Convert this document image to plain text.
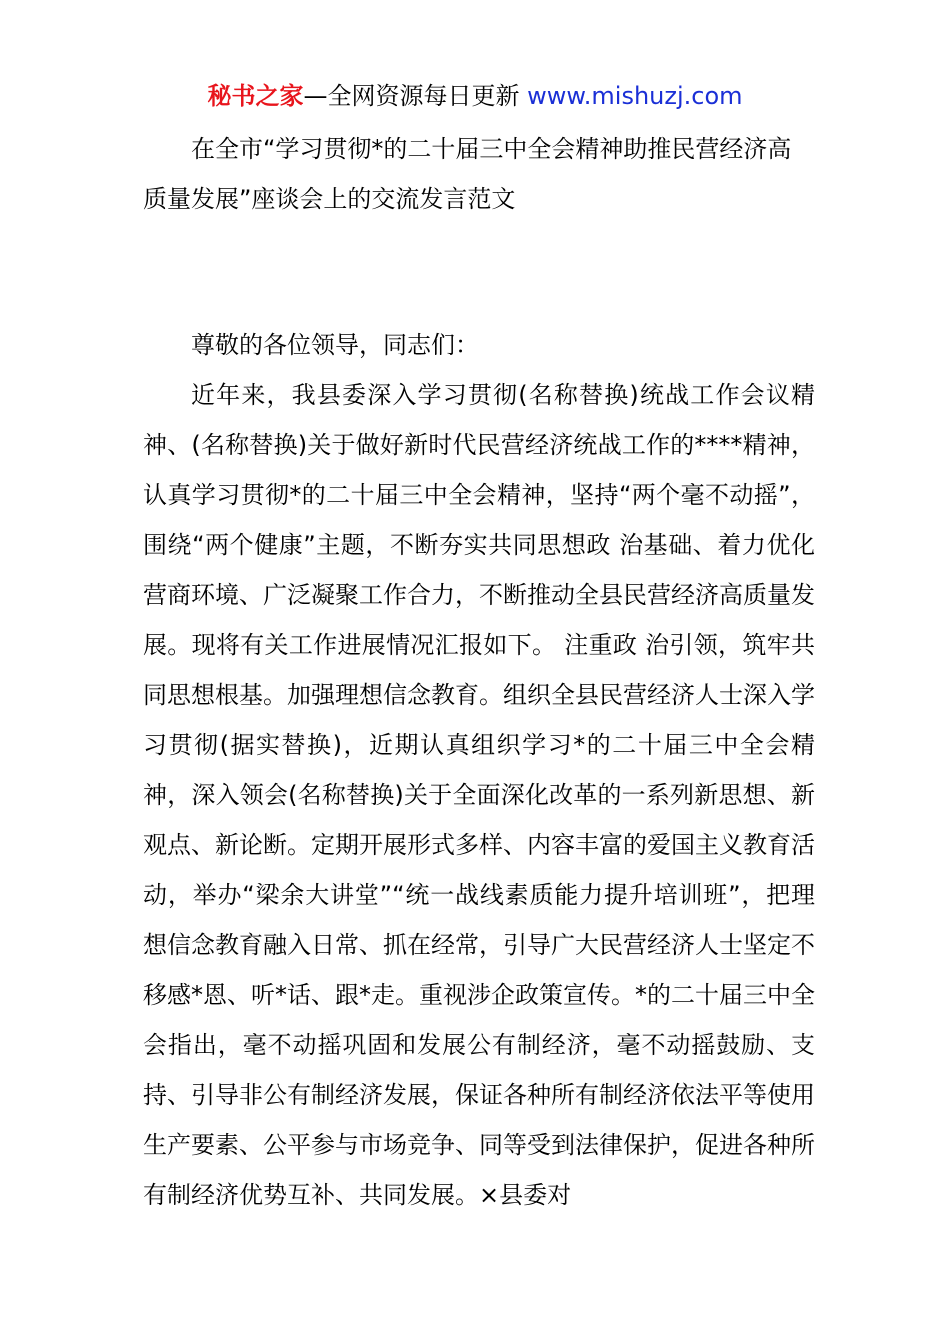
秘书之家—全网资源每日更新 www.mishuzj.com

在全市“学习贯彻*的二十届三中全会精神助推民营经济高质量发展”座谈会上的交流发言范文

尊敬的各位领导，同志们：

近年来，我县委深入学习贯彻(名称替换)统战工作会议精神、(名称替换)关于做好新时代民营经济统战工作的****精神，认真学习贯彻*的二十届三中全会精神，坚持“两个毫不动摇”，围绕“两个健康”主题，不断夯实共同思想政 治基础、着力优化营商环境、广泛凝聚工作合力，不断推动全县民营经济高质量发展。现将有关工作进展情况汇报如下。 注重政 治引领，筑牢共同思想根基。加强理想信念教育。组织全县民营经济人士深入学习贯彻(据实替换)，近期认真组织学习*的二十届三中全会精神，深入领会(名称替换)关于全面深化改革的一系列新思想、新观点、新论断。定期开展形式多样、内容丰富的爱国主义教育活动，举办“梁余大讲堂”“统一战线素质能力提升培训班”，把理想信念教育融入日常、抓在经常，引导广大民营经济人士坚定不移感*恩、听*话、跟*走。重视涉企政策宣传。*的二十届三中全会指出，毫不动摇巩固和发展公有制经济，毫不动摇鼓励、支持、引导非公有制经济发展，保证各种所有制经济依法平等使用生产要素、公平参与市场竞争、同等受到法律保护，促进各种所有制经济优势互补、共同发展。×县委对
